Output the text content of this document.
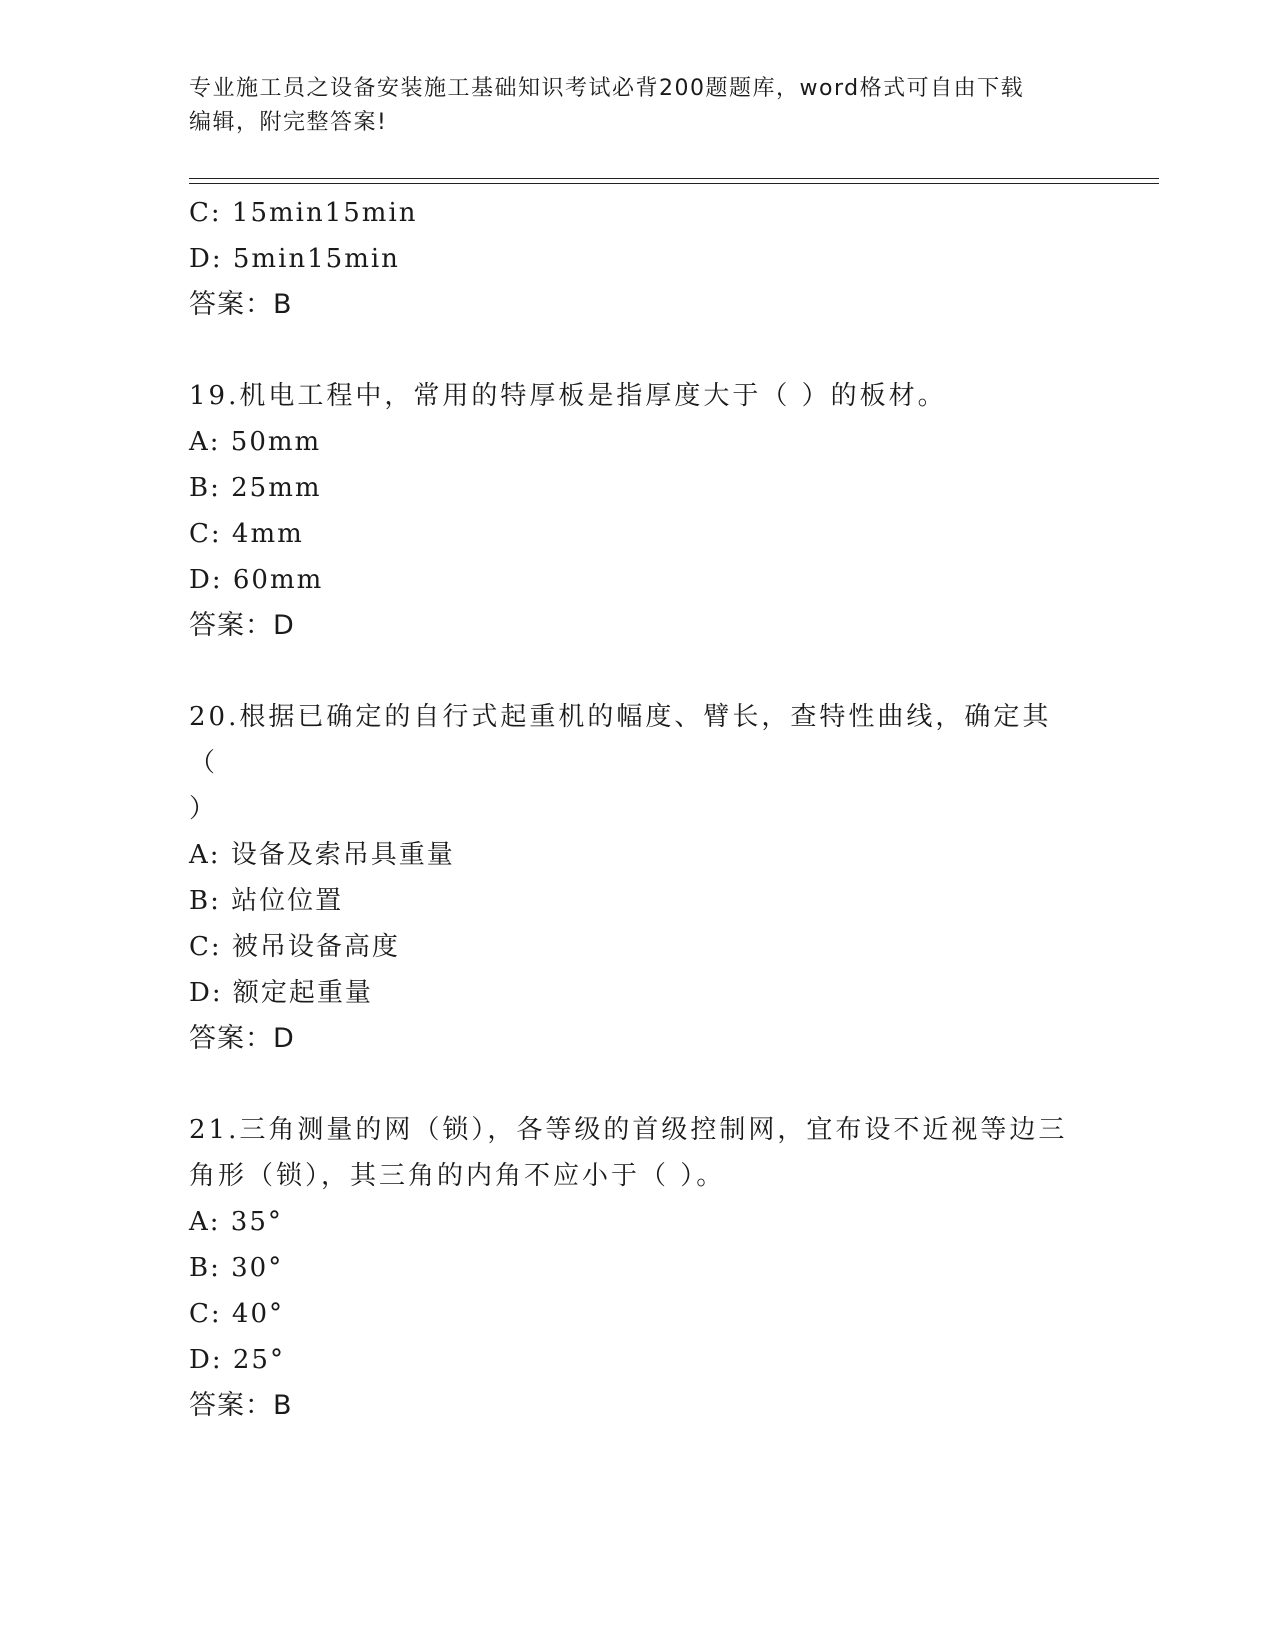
专业施工员之设备安装施工基础知识考试必背200题题库，word格式可自由下载
编辑，附完整答案!
C: 15min15min
D: 5min15min
答案：B
19.机电工程中，常用的特厚板是指厚度大于（ ）的板材。
A: 50mm
B: 25mm
C: 4mm
D: 60mm
答案：D
20.根据已确定的自行式起重机的幅度、臂长，查特性曲线，确定其（
）
A: 设备及索吊具重量
B: 站位位置
C: 被吊设备高度
D: 额定起重量
答案：D
21.三角测量的网（锁），各等级的首级控制网，宜布设不近视等边三
角形（锁），其三角的内角不应小于（ ）。
A: 35°
B: 30°
C: 40°
D: 25°
答案：B
